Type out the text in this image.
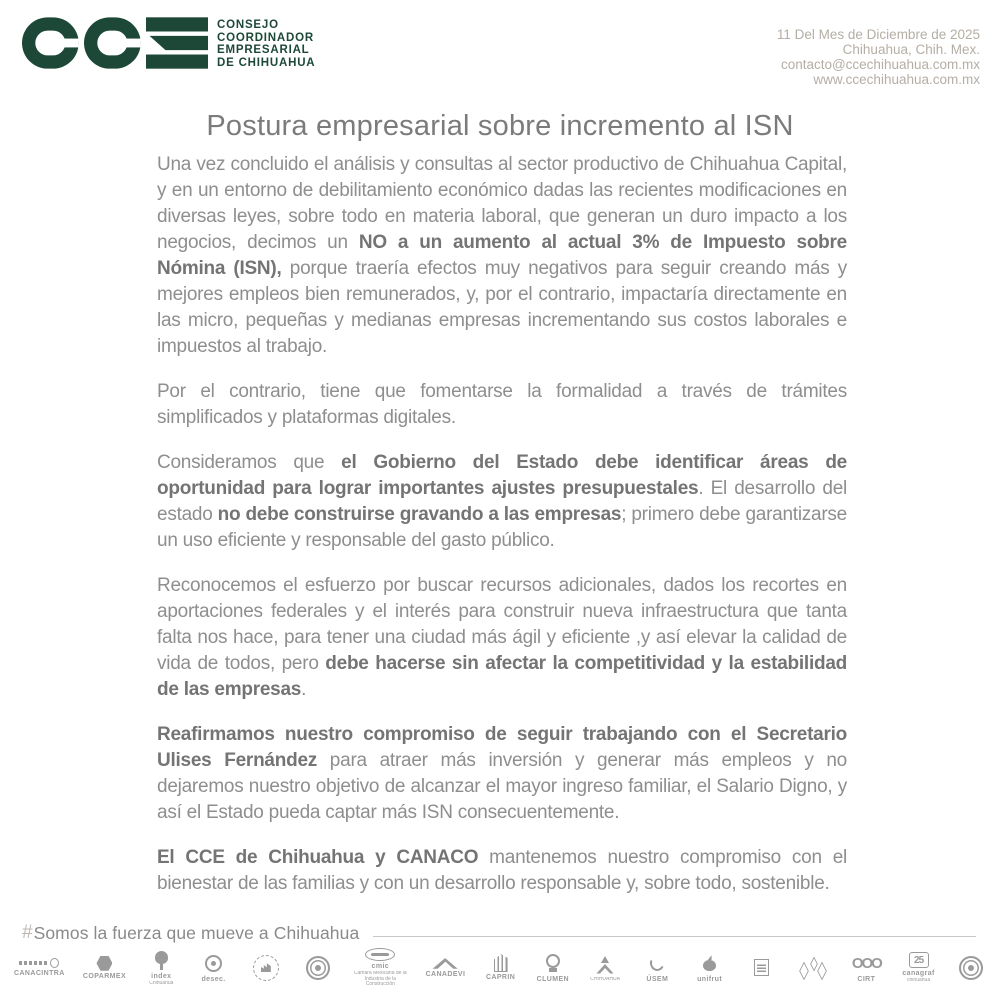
CONSEJO
COORDINADOR
EMPRESARIAL
DE CHIHUAHUA
11 Del Mes de Diciembre de 2025
Chihuahua, Chih. Mex.
contacto@ccechihuahua.com.mx
www.ccechihuahua.com.mx
Postura empresarial sobre incremento al ISN

Una vez concluido el análisis y consultas al sector productivo de Chihuahua Capital, y en un entorno de debilitamiento económico dadas las recientes modificaciones en diversas leyes, sobre todo en materia laboral, que generan un duro impacto a los negocios, decimos un NO a un aumento al actual 3% de Impuesto sobre Nómina (ISN), porque traería efectos muy negativos para seguir creando más y mejores empleos bien remunerados, y, por el contrario, impactaría directamente en las micro, pequeñas y medianas empresas incrementando sus costos laborales e impuestos al trabajo.

Por el contrario, tiene que fomentarse la formalidad a través de trámites simplificados y plataformas digitales.

Consideramos que el Gobierno del Estado debe identificar áreas de oportunidad para lograr importantes ajustes presupuestales. El desarrollo del estado no debe construirse gravando a las empresas; primero debe garantizarse un uso eficiente y responsable del gasto público.

Reconocemos el esfuerzo por buscar recursos adicionales, dados los recortes en aportaciones federales y el interés para construir nueva infraestructura que tanta falta nos hace, para tener una ciudad más ágil y eficiente ,y así elevar la calidad de vida de todos, pero debe hacerse sin afectar la competitividad y la estabilidad de las empresas.

Reafirmamos nuestro compromiso de seguir trabajando con el Secretario Ulises Fernández para atraer más inversión y generar más empleos y no dejaremos nuestro objetivo de alcanzar el mayor ingreso familiar, el Salario Digno, y así el Estado pueda captar más ISN consecuentemente.

El CCE de Chihuahua y CANACO mantenemos nuestro compromiso con el bienestar de las familias y con un desarrollo responsable y, sobre todo, sostenible.

# Somos la fuerza que mueve a Chihuahua
CANACINTRA	COPARMEX	index
Chihuahua	desec.
cmic
Cámara Mexicana de la Industria de la Construcción
CANADEVI	CAPRIN	CLUMEN	CHIHUAHUA	ÚSEM	unifrut
OOO	CIRT
25
canagraf
chihuahua
